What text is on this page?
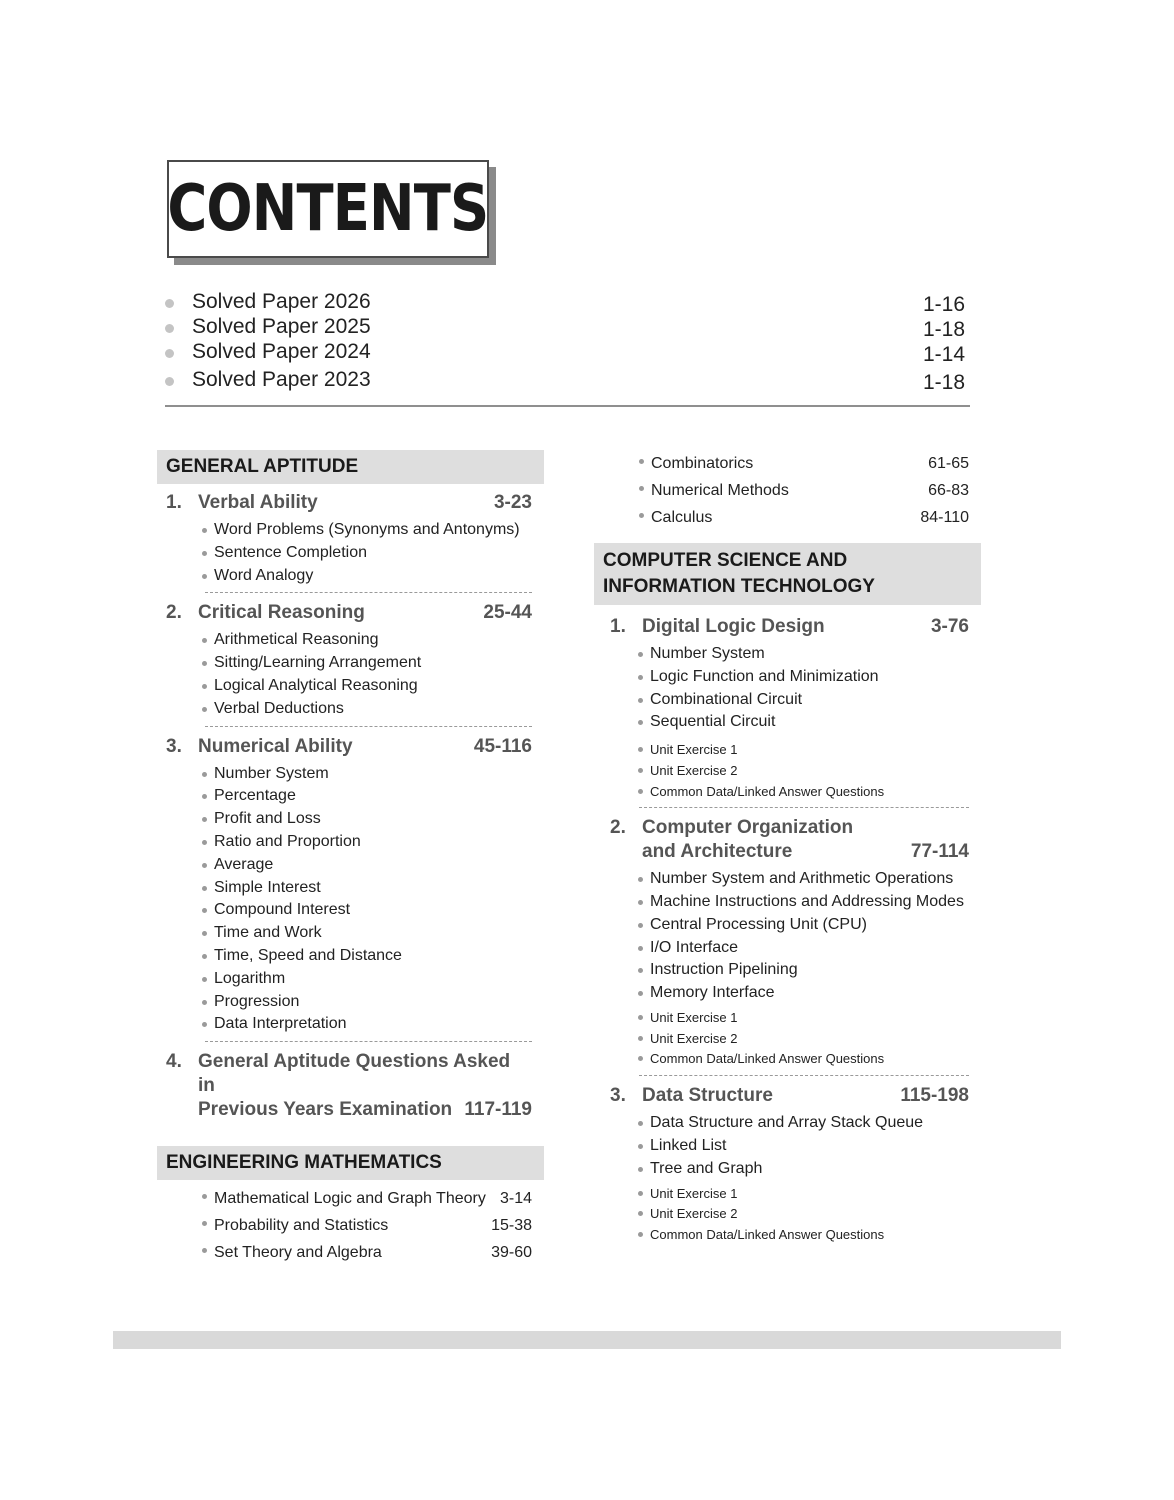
CONTENTS
Solved Paper 2026	1-16
Solved Paper 2025	1-18
Solved Paper 2024	1-14
Solved Paper 2023	1-18
GENERAL APTITUDE
1. Verbal Ability	3-23
Word Problems (Synonyms and Antonyms)
Sentence Completion
Word Analogy
2. Critical Reasoning	25-44
Arithmetical Reasoning
Sitting/Learning Arrangement
Logical Analytical Reasoning
Verbal Deductions
3. Numerical Ability	45-116
Number System
Percentage
Profit and Loss
Ratio and Proportion
Average
Simple Interest
Compound Interest
Time and Work
Time, Speed and Distance
Logarithm
Progression
Data Interpretation
4. General Aptitude Questions Asked in
Previous Years Examination 117-119
ENGINEERING MATHEMATICS
Mathematical Logic and Graph Theory 3-14
Probability and Statistics	15-38
Set Theory and Algebra	39-60
Combinatorics	61-65
Numerical Methods	66-83
Calculus	84-110
COMPUTER SCIENCE AND
INFORMATION TECHNOLOGY
1. Digital Logic Design	3-76
Number System
Logic Function and Minimization
Combinational Circuit
Sequential Circuit
Unit Exercise 1
Unit Exercise 2
Common Data/Linked Answer Questions
2. Computer Organization
and Architecture	77-114
Number System and Arithmetic Operations
Machine Instructions and Addressing Modes
Central Processing Unit (CPU)
I/O Interface
Instruction Pipelining
Memory Interface
Unit Exercise 1
Unit Exercise 2
Common Data/Linked Answer Questions
3. Data Structure	115-198
Data Structure and Array Stack Queue
Linked List
Tree and Graph
Unit Exercise 1
Unit Exercise 2
Common Data/Linked Answer Questions
